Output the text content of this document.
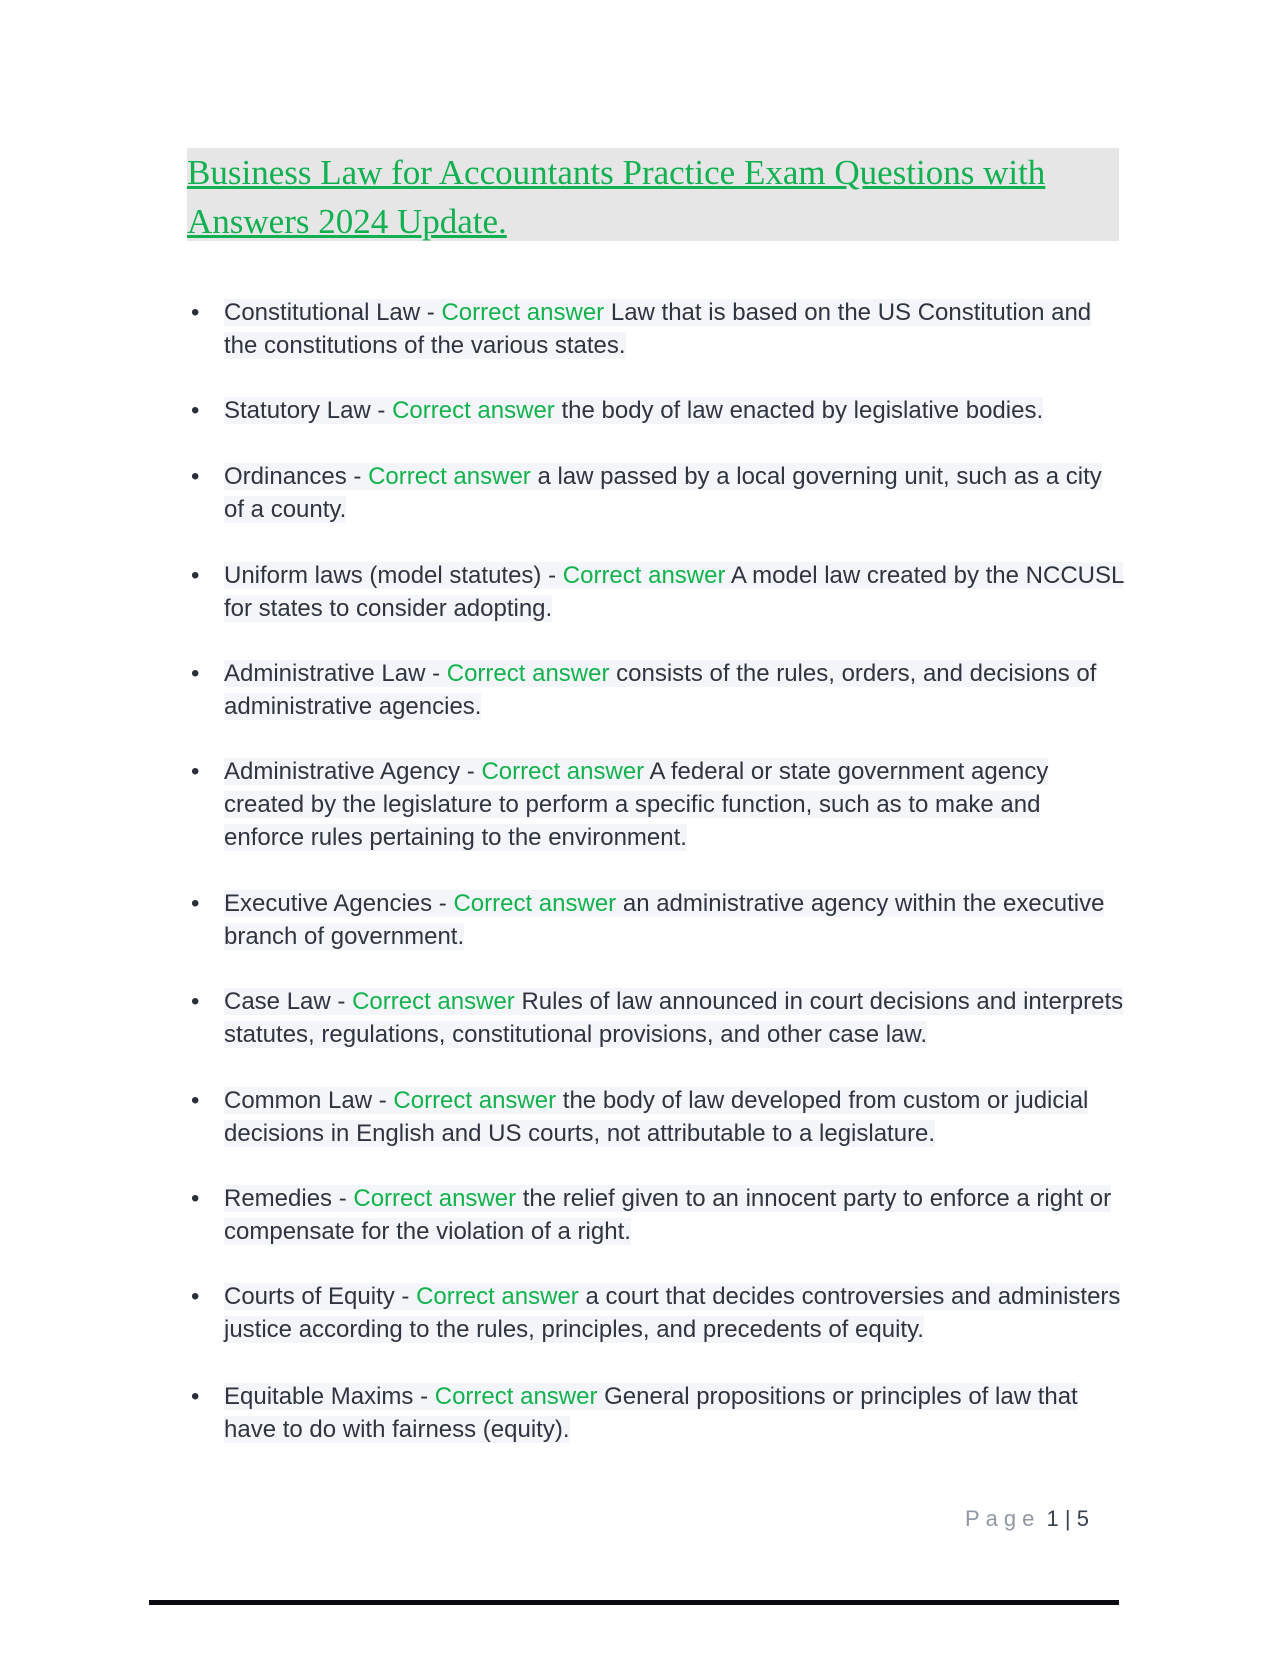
Business Law for Accountants Practice Exam Questions with Answers 2024 Update.
• Constitutional Law - Correct answer Law that is based on the US Constitution and the constitutions of the various states.
• Statutory Law - Correct answer the body of law enacted by legislative bodies.
• Ordinances - Correct answer a law passed by a local governing unit, such as a city of a county.
• Uniform laws (model statutes) - Correct answer A model law created by the NCCUSL for states to consider adopting.
• Administrative Law - Correct answer consists of the rules, orders, and decisions of administrative agencies.
• Administrative Agency - Correct answer A federal or state government agency created by the legislature to perform a specific function, such as to make and enforce rules pertaining to the environment.
• Executive Agencies - Correct answer an administrative agency within the executive branch of government.
• Case Law - Correct answer Rules of law announced in court decisions and interprets statutes, regulations, constitutional provisions, and other case law.
• Common Law - Correct answer the body of law developed from custom or judicial decisions in English and US courts, not attributable to a legislature.
• Remedies - Correct answer the relief given to an innocent party to enforce a right or compensate for the violation of a right.
• Courts of Equity - Correct answer a court that decides controversies and administers justice according to the rules, principles, and precedents of equity.
• Equitable Maxims - Correct answer General propositions or principles of law that have to do with fairness (equity).
Page 1 | 5
